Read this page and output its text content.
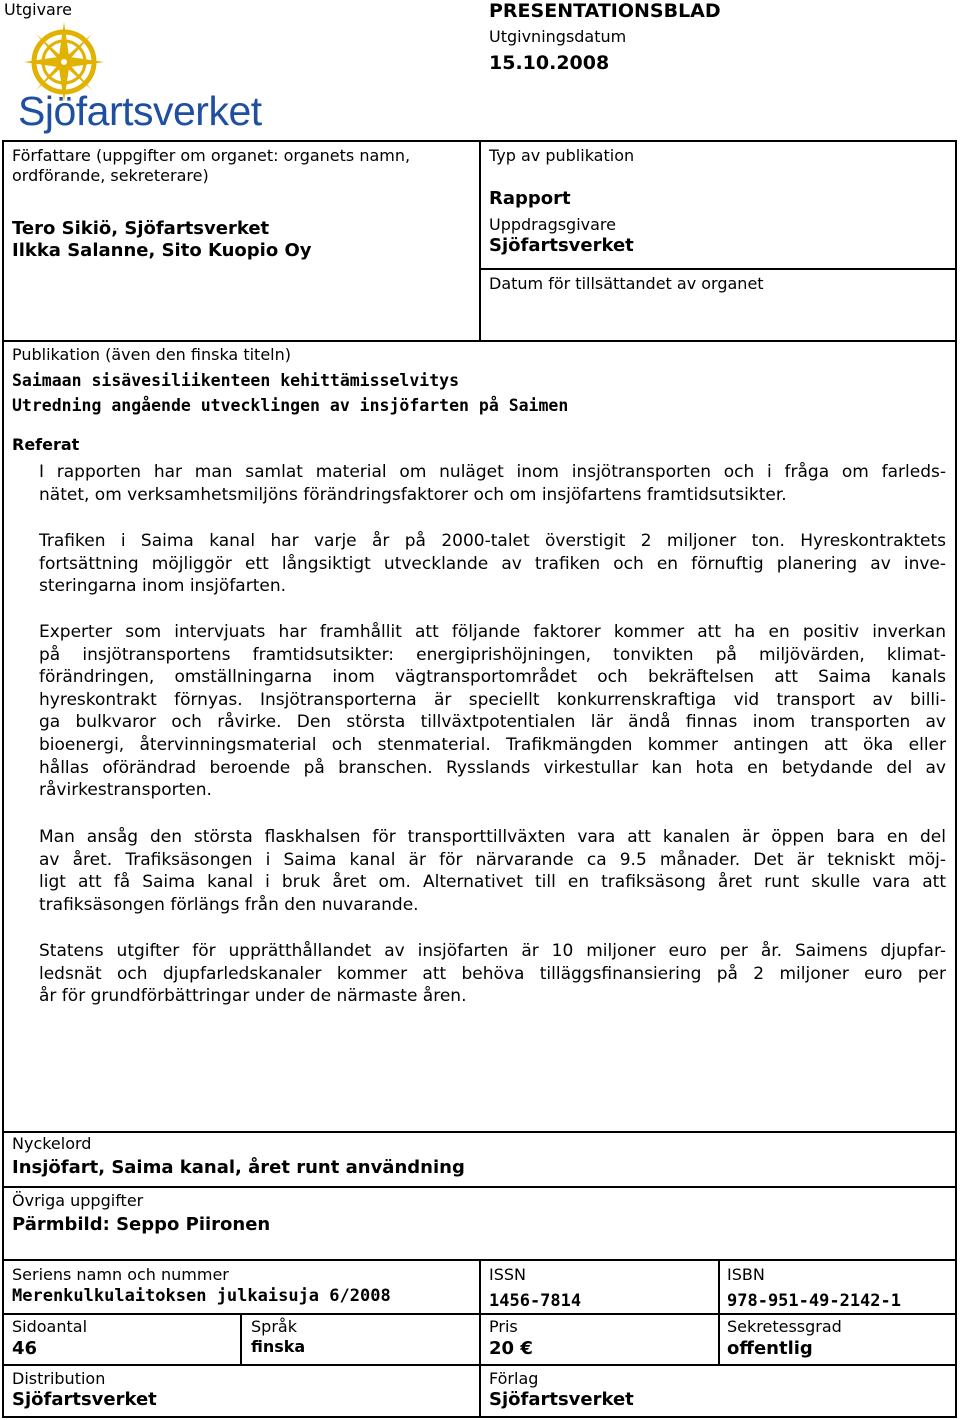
Utgivare	PRESENTATIONSBLAD
Utgivningsdatum
15.10.2008
Sjöfartsverket
Författare (uppgifter om organet: organets namn,
ordförande, sekreterare)
Tero Sikiö, Sjöfartsverket
Ilkka Salanne, Sito Kuopio Oy
Typ av publikation
Rapport
Uppdragsgivare
Sjöfartsverket
Datum för tillsättandet av organet
Publikation (även den finska titeln)
Saimaan sisävesiliikenteen kehittämisselvitys
Utredning angående utvecklingen av insjöfarten på Saimen
Referat
I rapporten har man samlat material om nuläget inom insjötransporten och i fråga om farleds-
nätet, om verksamhetsmiljöns förändringsfaktorer och om insjöfartens framtidsutsikter.
Trafiken i Saima kanal har varje år på 2000-talet överstigit 2 miljoner ton. Hyreskontraktets
fortsättning möjliggör ett långsiktigt utvecklande av trafiken och en förnuftig planering av inve-
steringarna inom insjöfarten.
Experter som intervjuats har framhållit att följande faktorer kommer att ha en positiv inverkan
på insjötransportens framtidsutsikter: energiprishöjningen, tonvikten på miljövärden, klimat-
förändringen, omställningarna inom vägtransportområdet och bekräftelsen att Saima kanals
hyreskontrakt förnyas. Insjötransporterna är speciellt konkurrenskraftiga vid transport av billi-
ga bulkvaror och råvirke. Den största tillväxtpotentialen lär ändå finnas inom transporten av
bioenergi, återvinningsmaterial och stenmaterial. Trafikmängden kommer antingen att öka eller
hållas oförändrad beroende på branschen. Rysslands virkestullar kan hota en betydande del av
råvirkestransporten.
Man ansåg den största flaskhalsen för transporttillväxten vara att kanalen är öppen bara en del
av året. Trafiksäsongen i Saima kanal är för närvarande ca 9.5 månader. Det är tekniskt möj-
ligt att få Saima kanal i bruk året om. Alternativet till en trafiksäsong året runt skulle vara att
trafiksäsongen förlängs från den nuvarande.
Statens utgifter för upprätthållandet av insjöfarten är 10 miljoner euro per år. Saimens djupfar-
ledsnät och djupfarledskanaler kommer att behöva tilläggsfinansiering på 2 miljoner euro per
år för grundförbättringar under de närmaste åren.
Nyckelord
Insjöfart, Saima kanal, året runt användning
Övriga uppgifter
Pärmbild: Seppo Piironen
Seriens namn och nummer
Merenkulkulaitoksen julkaisuja 6/2008
ISSN
1456-7814
ISBN
978-951-49-2142-1
Sidoantal
46
Språk
finska
Pris
20 €
Sekretessgrad
offentlig
Distribution
Sjöfartsverket
Förlag
Sjöfartsverket
